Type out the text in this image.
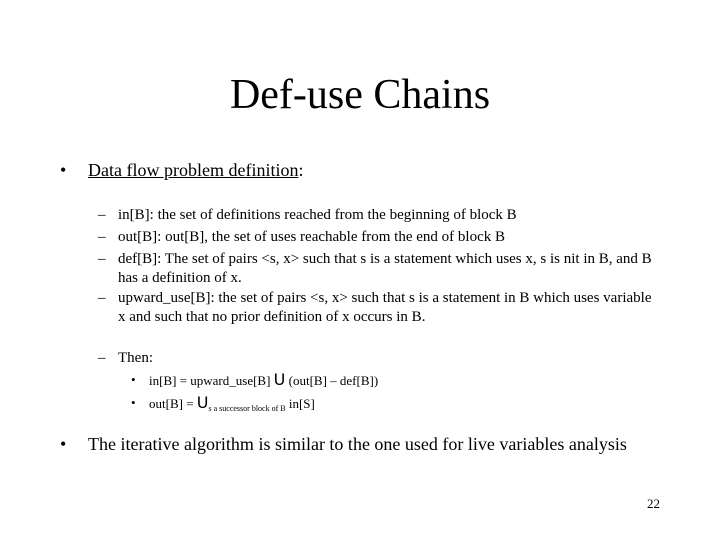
Def-use Chains
• Data flow problem definition:
– in[B]: the set of definitions reached from the beginning of block B
– out[B]: out[B], the set of uses reachable from the end of block B
– def[B]: The set of pairs <s, x> such that s is a statement which uses x, s is nit in B, and B has a definition of x.
– upward_use[B]: the set of pairs <s, x> such that s is a statement in B which uses variable x and such that no prior definition of x occurs in B.
– Then:
• in[B] = upward_use[B] U (out[B] – def[B])
• $out[B] = U_{s a successor block of B}$ in[S]
• The iterative algorithm is similar to the one used for live variables analysis
22
